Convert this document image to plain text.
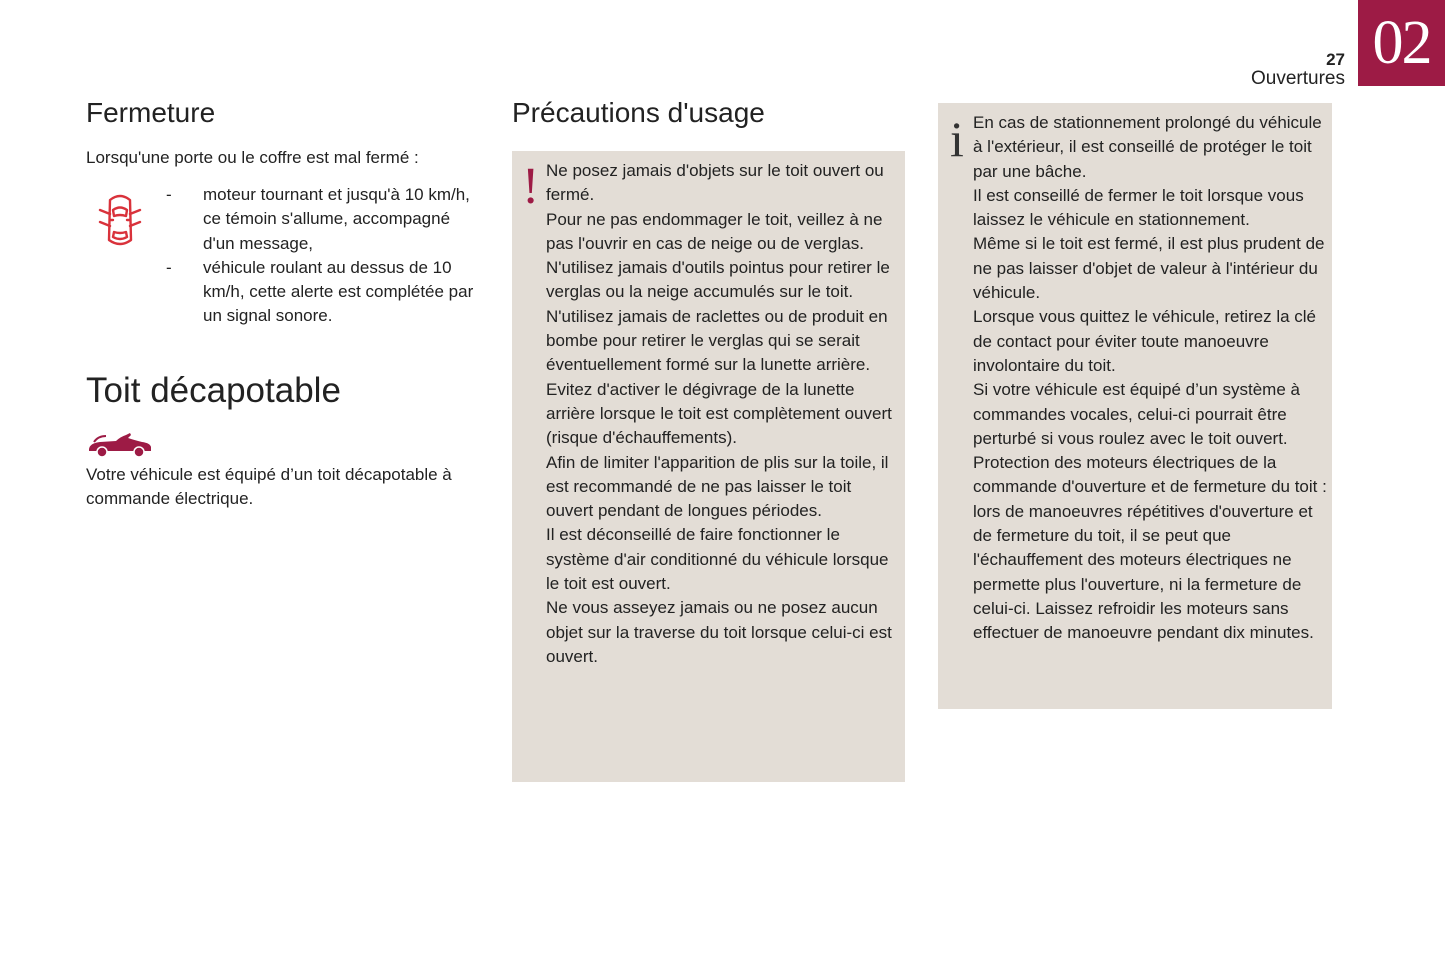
02
27
Ouvertures
Fermeture

Lorsqu'une porte ou le coffre est mal fermé :

- moteur tournant et jusqu'à 10 km/h, ce témoin s'allume, accompagné d'un message,
- véhicule roulant au dessus de 10 km/h, cette alerte est complétée par un signal sonore.
Toit décapotable

Votre véhicule est équipé d’un toit décapotable à commande électrique.

Précautions d'usage
! Ne posez jamais d'objets sur le toit ouvert ou fermé.

Pour ne pas endommager le toit, veillez à ne pas l'ouvrir en cas de neige ou de verglas.

N'utilisez jamais d'outils pointus pour retirer le verglas ou la neige accumulés sur le toit.

N'utilisez jamais de raclettes ou de produit en bombe pour retirer le verglas qui se serait éventuellement formé sur la lunette arrière.

Evitez d'activer le dégivrage de la lunette arrière lorsque le toit est complètement ouvert (risque d'échauffements).

Afin de limiter l'apparition de plis sur la toile, il est recommandé de ne pas laisser le toit ouvert pendant de longues périodes.

Il est déconseillé de faire fonctionner le système d'air conditionné du véhicule lorsque le toit est ouvert.

Ne vous asseyez jamais ou ne posez aucun objet sur la traverse du toit lorsque celui-ci est ouvert.

i En cas de stationnement prolongé du véhicule à l'extérieur, il est conseillé de protéger le toit par une bâche.

Il est conseillé de fermer le toit lorsque vous laissez le véhicule en stationnement.

Même si le toit est fermé, il est plus prudent de ne pas laisser d'objet de valeur à l'intérieur du véhicule.

Lorsque vous quittez le véhicule, retirez la clé de contact pour éviter toute manoeuvre involontaire du toit.

Si votre véhicule est équipé d’un système à commandes vocales, celui-ci pourrait être perturbé si vous roulez avec le toit ouvert.

Protection des moteurs électriques de la commande d'ouverture et de fermeture du toit : lors de manoeuvres répétitives d'ouverture et de fermeture du toit, il se peut que l'échauffement des moteurs électriques ne permette plus l'ouverture, ni la fermeture de celui-ci. Laissez refroidir les moteurs sans effectuer de manoeuvre pendant dix minutes.
